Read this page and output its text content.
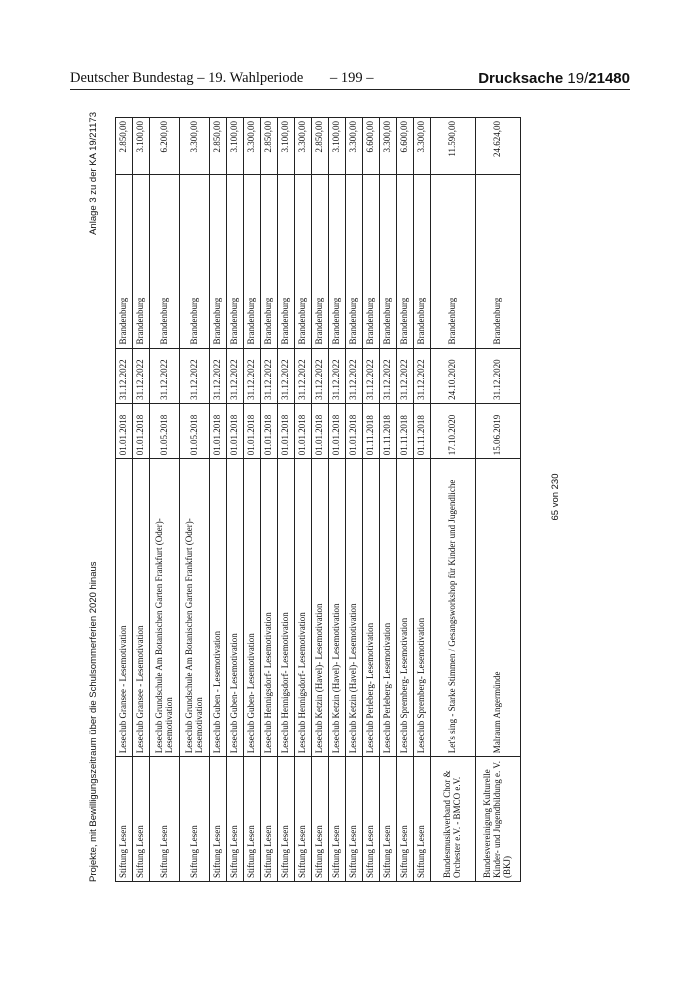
Deutscher Bundestag – 19. Wahlperiode – 199 –	Drucksache 19/21480
Projekte, mit Bewilligungszeitraum über die Schulsommerferien 2020 hinaus
Anlage 3 zu der KA 19/21173
Stiftung Lesen	Leseclub Gransee - Lesemotivation	01.01.2018	31.12.2022	Brandenburg	2.850,00
Stiftung Lesen	Leseclub Gransee - Lesemotivation	01.01.2018	31.12.2022	Brandenburg	3.100,00
Stiftung Lesen	Leseclub Grundschule Am Botanischen Garten Frankfurt (Oder)- Lesemotivation	01.05.2018	31.12.2022	Brandenburg	6.200,00
Stiftung Lesen	Leseclub Grundschule Am Botanischen Garten Frankfurt (Oder)- Lesemotivation	01.05.2018	31.12.2022	Brandenburg	3.300,00
Stiftung Lesen	Leseclub Guben - Lesemotivation	01.01.2018	31.12.2022	Brandenburg	2.850,00
Stiftung Lesen	Leseclub Guben- Lesemotivation	01.01.2018	31.12.2022	Brandenburg	3.100,00
Stiftung Lesen	Leseclub Guben- Lesemotivation	01.01.2018	31.12.2022	Brandenburg	3.300,00
Stiftung Lesen	Leseclub Hennigsdorf- Lesemotivation	01.01.2018	31.12.2022	Brandenburg	2.850,00
Stiftung Lesen	Leseclub Hennigsdorf- Lesemotivation	01.01.2018	31.12.2022	Brandenburg	3.100,00
Stiftung Lesen	Leseclub Hennigsdorf- Lesemotivation	01.01.2018	31.12.2022	Brandenburg	3.300,00
Stiftung Lesen	Leseclub Ketzin (Havel)- Lesemotivation	01.01.2018	31.12.2022	Brandenburg	2.850,00
Stiftung Lesen	Leseclub Ketzin (Havel)- Lesemotivation	01.01.2018	31.12.2022	Brandenburg	3.100,00
Stiftung Lesen	Leseclub Ketzin (Havel)- Lesemotivation	01.01.2018	31.12.2022	Brandenburg	3.300,00
Stiftung Lesen	Leseclub Perleberg- Lesemotivation	01.11.2018	31.12.2022	Brandenburg	6.600,00
Stiftung Lesen	Leseclub Perleberg- Lesemotivation	01.11.2018	31.12.2022	Brandenburg	3.300,00
Stiftung Lesen	Leseclub Spremberg- Lesemotivation	01.11.2018	31.12.2022	Brandenburg	6.600,00
Stiftung Lesen	Leseclub Spremberg- Lesemotivation	01.11.2018	31.12.2022	Brandenburg	3.300,00
Bundesmusikverband Chor & Orchester e.V. - BMCO e.V.	Let's sing - Starke Stimmen / Gesangsworkshop für Kinder und Jugendliche	17.10.2020	24.10.2020	Brandenburg	11.590,00
Bundesvereinigung Kulturelle Kinder- und Jugendbildung e. V. (BKJ)	Malraum Angermünde	15.06.2019	31.12.2020	Brandenburg	24.624,00
65 von 230
